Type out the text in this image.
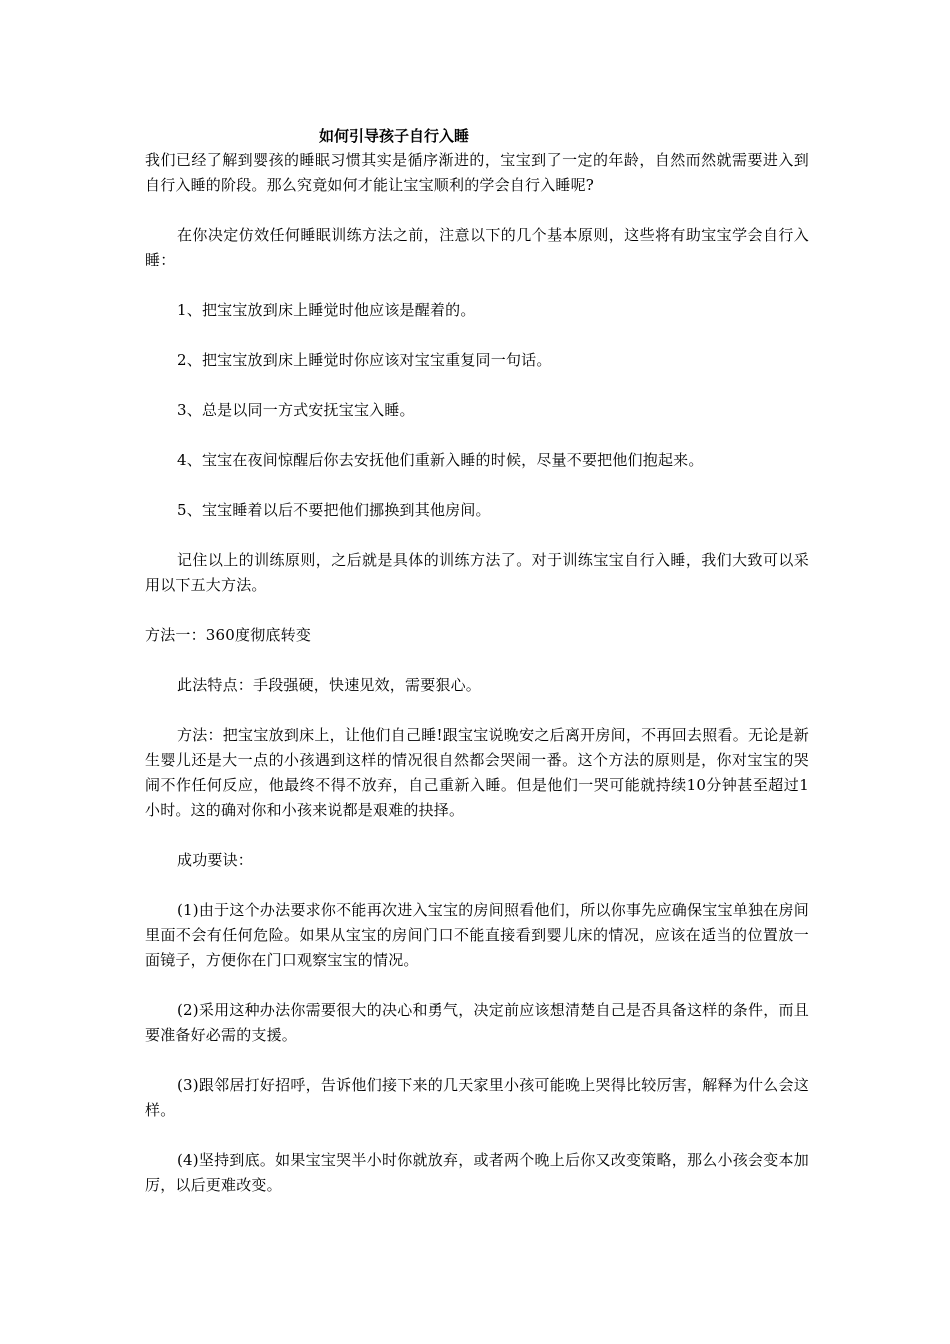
如何引导孩子自行入睡

我们已经了解到婴孩的睡眠习惯其实是循序渐进的，宝宝到了一定的年龄，自然而然就需要进入到自行入睡的阶段。那么究竟如何才能让宝宝顺利的学会自行入睡呢?

在你决定仿效任何睡眠训练方法之前，注意以下的几个基本原则，这些将有助宝宝学会自行入睡：

1、把宝宝放到床上睡觉时他应该是醒着的。

2、把宝宝放到床上睡觉时你应该对宝宝重复同一句话。

3、总是以同一方式安抚宝宝入睡。

4、宝宝在夜间惊醒后你去安抚他们重新入睡的时候，尽量不要把他们抱起来。

5、宝宝睡着以后不要把他们挪换到其他房间。

记住以上的训练原则，之后就是具体的训练方法了。对于训练宝宝自行入睡，我们大致可以采用以下五大方法。

方法一：360度彻底转变

此法特点：手段强硬，快速见效，需要狠心。

方法：把宝宝放到床上，让他们自己睡!跟宝宝说晚安之后离开房间，不再回去照看。无论是新生婴儿还是大一点的小孩遇到这样的情况很自然都会哭闹一番。这个方法的原则是，你对宝宝的哭闹不作任何反应，他最终不得不放弃，自己重新入睡。但是他们一哭可能就持续10分钟甚至超过1小时。这的确对你和小孩来说都是艰难的抉择。

成功要诀：

(1)由于这个办法要求你不能再次进入宝宝的房间照看他们，所以你事先应确保宝宝单独在房间里面不会有任何危险。如果从宝宝的房间门口不能直接看到婴儿床的情况，应该在适当的位置放一面镜子，方便你在门口观察宝宝的情况。

(2)采用这种办法你需要很大的决心和勇气，决定前应该想清楚自己是否具备这样的条件，而且要准备好必需的支援。

(3)跟邻居打好招呼，告诉他们接下来的几天家里小孩可能晚上哭得比较厉害，解释为什么会这样。

(4)坚持到底。如果宝宝哭半小时你就放弃，或者两个晚上后你又改变策略，那么小孩会变本加厉，以后更难改变。
